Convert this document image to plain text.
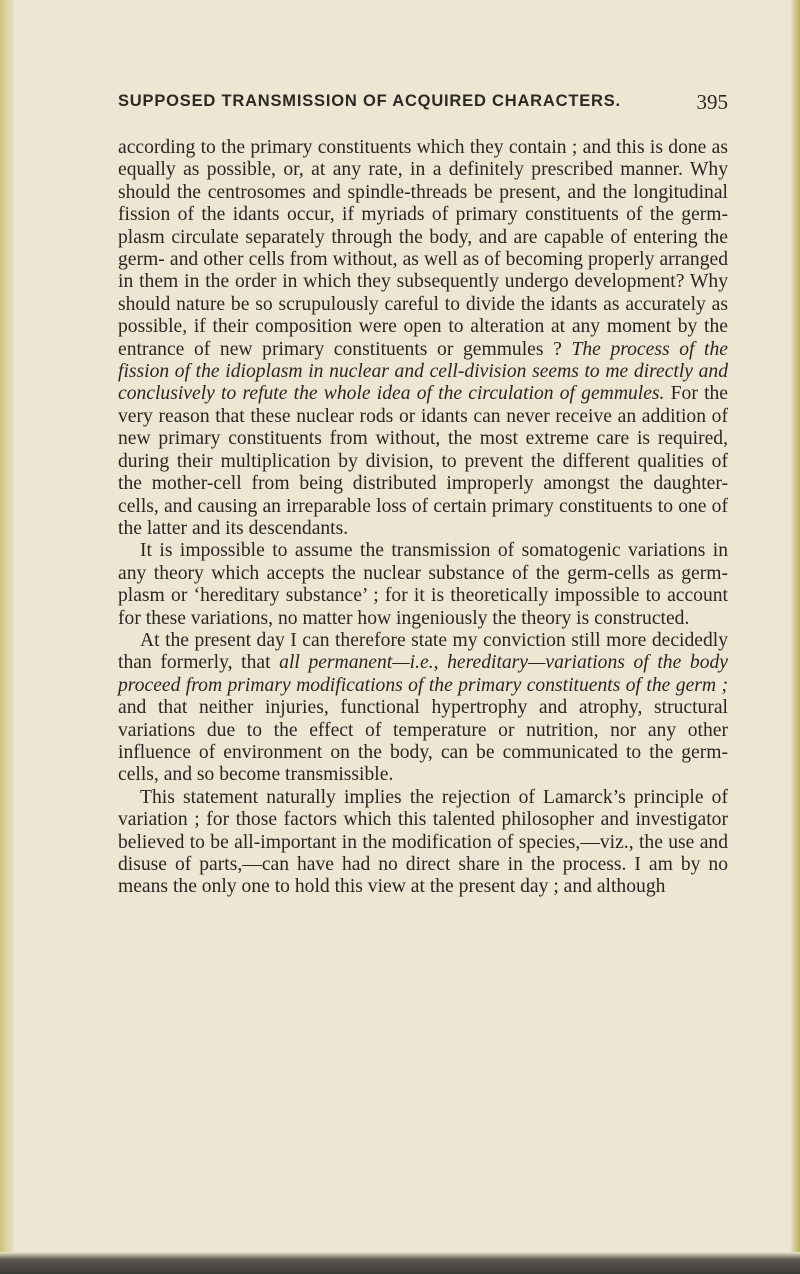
SUPPOSED TRANSMISSION OF ACQUIRED CHARACTERS.	395

according to the primary constituents which they contain ; and this is done as equally as possible, or, at any rate, in a definitely prescribed manner. Why should the centrosomes and spindle-threads be present, and the longitudinal fission of the idants occur, if myriads of primary constituents of the germ-plasm circulate separately through the body, and are capable of entering the germ- and other cells from without, as well as of becoming properly arranged in them in the order in which they subsequently undergo development? Why should nature be so scrupulously careful to divide the idants as accurately as possible, if their composition were open to alteration at any moment by the entrance of new primary constituents or gemmules ? The process of the fission of the idioplasm in nuclear and cell-division seems to me directly and conclusively to refute the whole idea of the circulation of gemmules. For the very reason that these nuclear rods or idants can never receive an addition of new primary constituents from without, the most extreme care is required, during their multiplication by division, to prevent the different qualities of the mother-cell from being distributed improperly amongst the daughter-cells, and causing an irreparable loss of certain primary constituents to one of the latter and its descendants.

It is impossible to assume the transmission of somatogenic variations in any theory which accepts the nuclear substance of the germ-cells as germ-plasm or ‘hereditary substance’ ; for it is theoretically impossible to account for these variations, no matter how ingeniously the theory is constructed.

At the present day I can therefore state my conviction still more decidedly than formerly, that all permanent—i.e., hereditary—variations of the body proceed from primary modifications of the primary constituents of the germ ; and that neither injuries, functional hypertrophy and atrophy, structural variations due to the effect of temperature or nutrition, nor any other influence of environment on the body, can be communicated to the germ-cells, and so become transmissible.

This statement naturally implies the rejection of Lamarck’s principle of variation ; for those factors which this talented philosopher and investigator believed to be all-important in the modification of species,—viz., the use and disuse of parts,—can have had no direct share in the process. I am by no means the only one to hold this view at the present day ; and although
